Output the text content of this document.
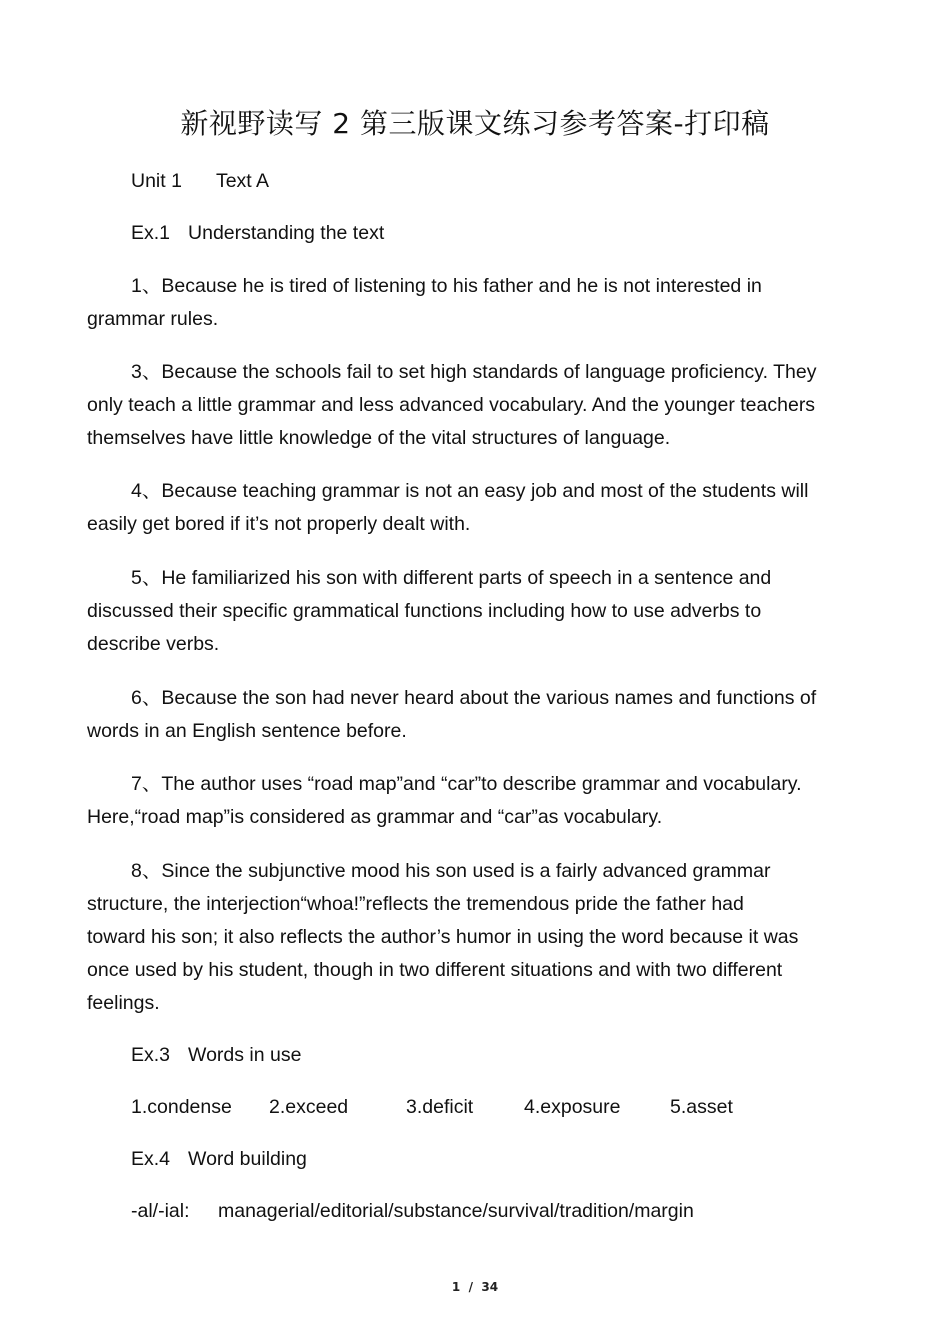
新视野读写 2 第三版课文练习参考答案-打印稿
Unit 1 Text A
Ex.1 Understanding the text
1、Because he is tired of listening to his father and he is not interested in
grammar rules.
3、Because the schools fail to set high standards of language proficiency. They
only teach a little grammar and less advanced vocabulary. And the younger teachers
themselves have little knowledge of the vital structures of language.
4、Because teaching grammar is not an easy job and most of the students will
easily get bored if it’s not properly dealt with.
5、He familiarized his son with different parts of speech in a sentence and
discussed their specific grammatical functions including how to use adverbs to
describe verbs.
6、Because the son had never heard about the various names and functions of
words in an English sentence before.
7、The author uses “road map”and “car”to describe grammar and vocabulary.
Here,“road map”is considered as grammar and “car”as vocabulary.
8、Since the subjunctive mood his son used is a fairly advanced grammar
structure, the interjection“whoa!”reflects the tremendous pride the father had
toward his son; it also reflects the author’s humor in using the word because it was
once used by his student, though in two different situations and with two different
feelings.
Ex.3 Words in use
1.condense 2.exceed	3.deficit	4.exposure	5.asset
Ex.4 Word building
-al/-ial: managerial/editorial/substance/survival/tradition/margin
1  /  34
